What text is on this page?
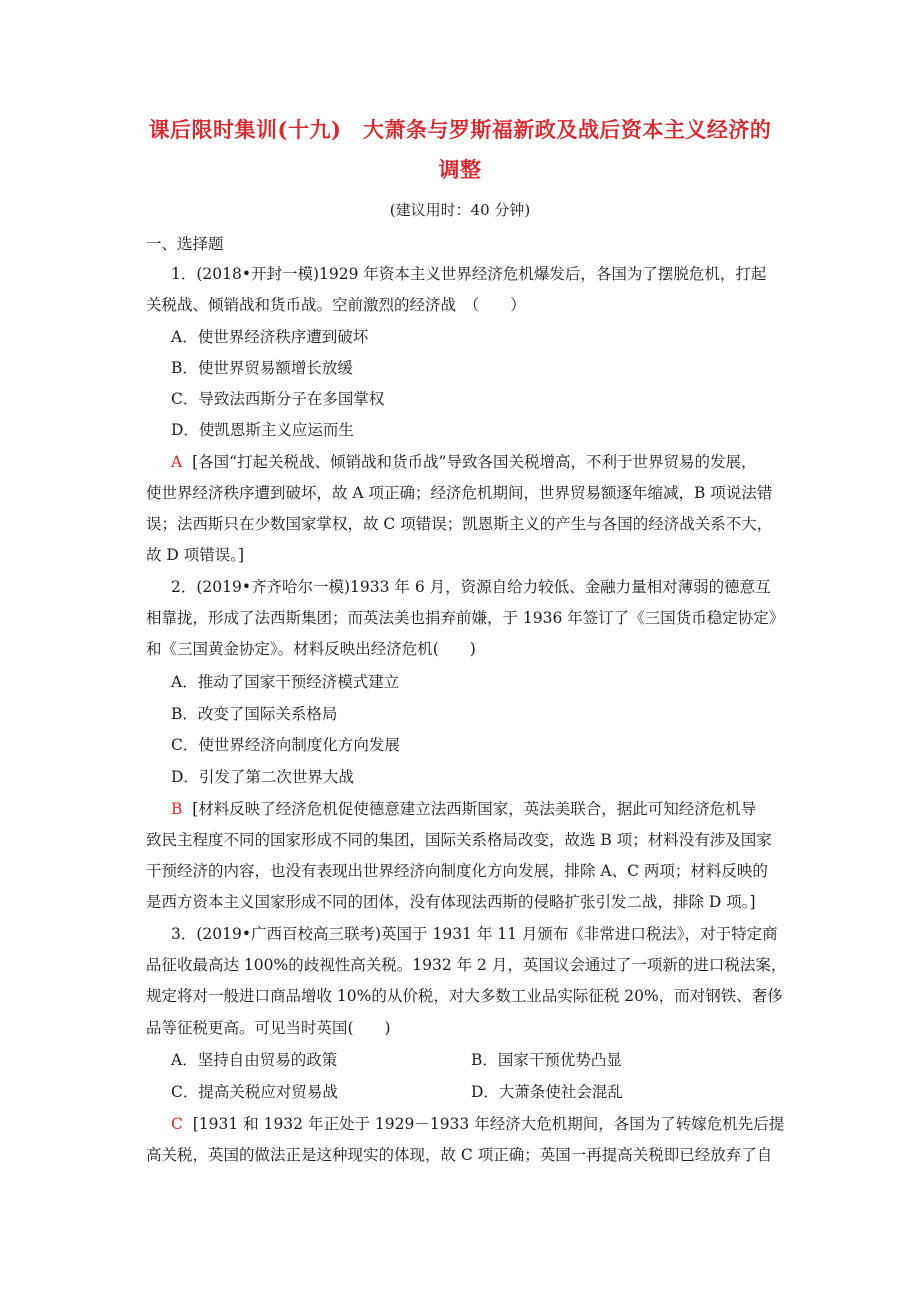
课后限时集训(十九)　大萧条与罗斯福新政及战后资本主义经济的
调整
(建议用时：40 分钟)
一、选择题
1．(2018•开封一模)1929 年资本主义世界经济危机爆发后，各国为了摆脱危机，打起
关税战、倾销战和货币战。空前激烈的经济战　（　　）
A．使世界经济秩序遭到破坏
B．使世界贸易额增长放缓
C．导致法西斯分子在多国掌权
D．使凯恩斯主义应运而生
A [各国“打起关税战、倾销战和货币战”导致各国关税增高，不利于世界贸易的发展，
使世界经济秩序遭到破坏，故 A 项正确；经济危机期间，世界贸易额逐年缩减，B 项说法错
误；法西斯只在少数国家掌权，故 C 项错误；凯恩斯主义的产生与各国的经济战关系不大，
故 D 项错误。]
2．(2019•齐齐哈尔一模)1933 年 6 月，资源自给力较低、金融力量相对薄弱的德意互
相靠拢，形成了法西斯集团；而英法美也捐弃前嫌，于 1936 年签订了《三国货币稳定协定》
和《三国黄金协定》。材料反映出经济危机(　　)
A．推动了国家干预经济模式建立
B．改变了国际关系格局
C．使世界经济向制度化方向发展
D．引发了第二次世界大战
B [材料反映了经济危机促使德意建立法西斯国家，英法美联合，据此可知经济危机导
致民主程度不同的国家形成不同的集团，国际关系格局改变，故选 B 项；材料没有涉及国家
干预经济的内容，也没有表现出世界经济向制度化方向发展，排除 A、C 两项；材料反映的
是西方资本主义国家形成不同的团体，没有体现法西斯的侵略扩张引发二战，排除 D 项。]
3．(2019•广西百校高三联考)英国于 1931 年 11 月颁布《非常进口税法》，对于特定商
品征收最高达 100%的歧视性高关税。1932 年 2 月，英国议会通过了一项新的进口税法案，
规定将对一般进口商品增收 10%的从价税，对大多数工业品实际征税 20%，而对钢铁、奢侈
品等征税更高。可见当时英国(　　)
A．坚持自由贸易的政策	B．国家干预优势凸显
C．提高关税应对贸易战	D．大萧条使社会混乱
C [1931 和 1932 年正处于 1929－1933 年经济大危机期间，各国为了转嫁危机先后提
高关税，英国的做法正是这种现实的体现，故 C 项正确；英国一再提高关税即已经放弃了自
